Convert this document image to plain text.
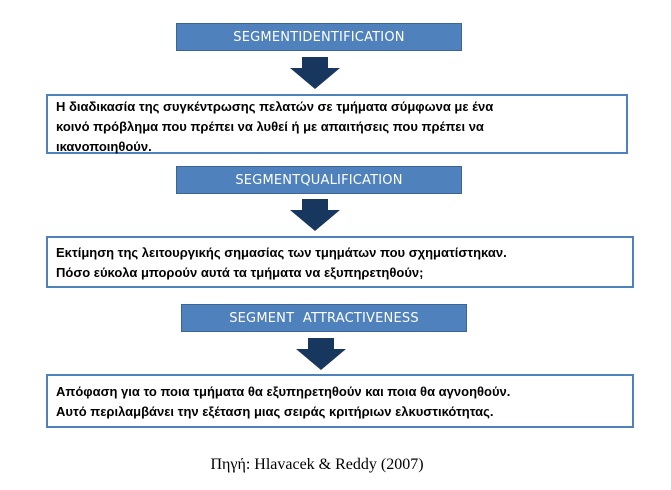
SEGMENTIDENTIFICATION
Η διαδικασία της συγκέντρωσης πελατών σε τμήματα σύμφωνα με ένα
κοινό πρόβλημα που πρέπει να λυθεί ή με απαιτήσεις που πρέπει να
ικανοποιηθούν.
SEGMENTQUALIFICATION
Εκτίμηση της λειτουργικής σημασίας των τμημάτων που σχηματίστηκαν.
Πόσο εύκολα μπορούν αυτά τα τμήματα να εξυπηρετηθούν;
SEGMENT  ATTRACTIVENESS
Απόφαση για το ποια τμήματα θα εξυπηρετηθούν και ποια θα αγνοηθούν.
Αυτό περιλαμβάνει την εξέταση μιας σειράς κριτήριων ελκυστικότητας.
Πηγή: Hlavacek & Reddy (2007)
